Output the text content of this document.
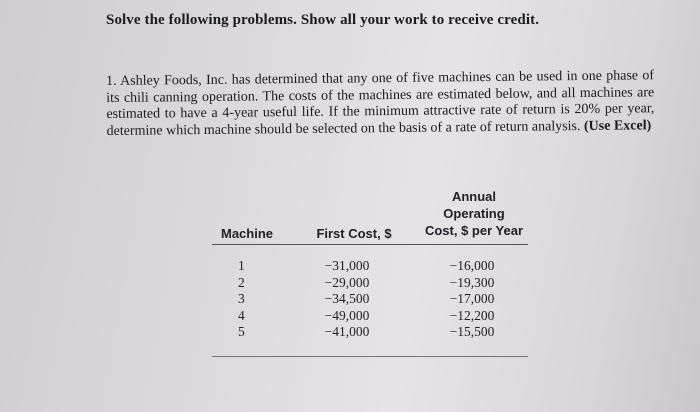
Solve the following problems. Show all your work to receive credit.
1. Ashley Foods, Inc. has determined that any one of five machines can be used in one phase of its chili canning operation. The costs of the machines are estimated below, and all machines are estimated to have a 4-year useful life. If the minimum attractive rate of return is 20% per year, determine which machine should be selected on the basis of a rate of return analysis. (Use Excel)
Machine	First Cost, $
Annual
Operating
Cost, $ per Year
1
2
3
4
5
−31,000
−29,000
−34,500
−49,000
−41,000
−16,000
−19,300
−17,000
−12,200
−15,500
